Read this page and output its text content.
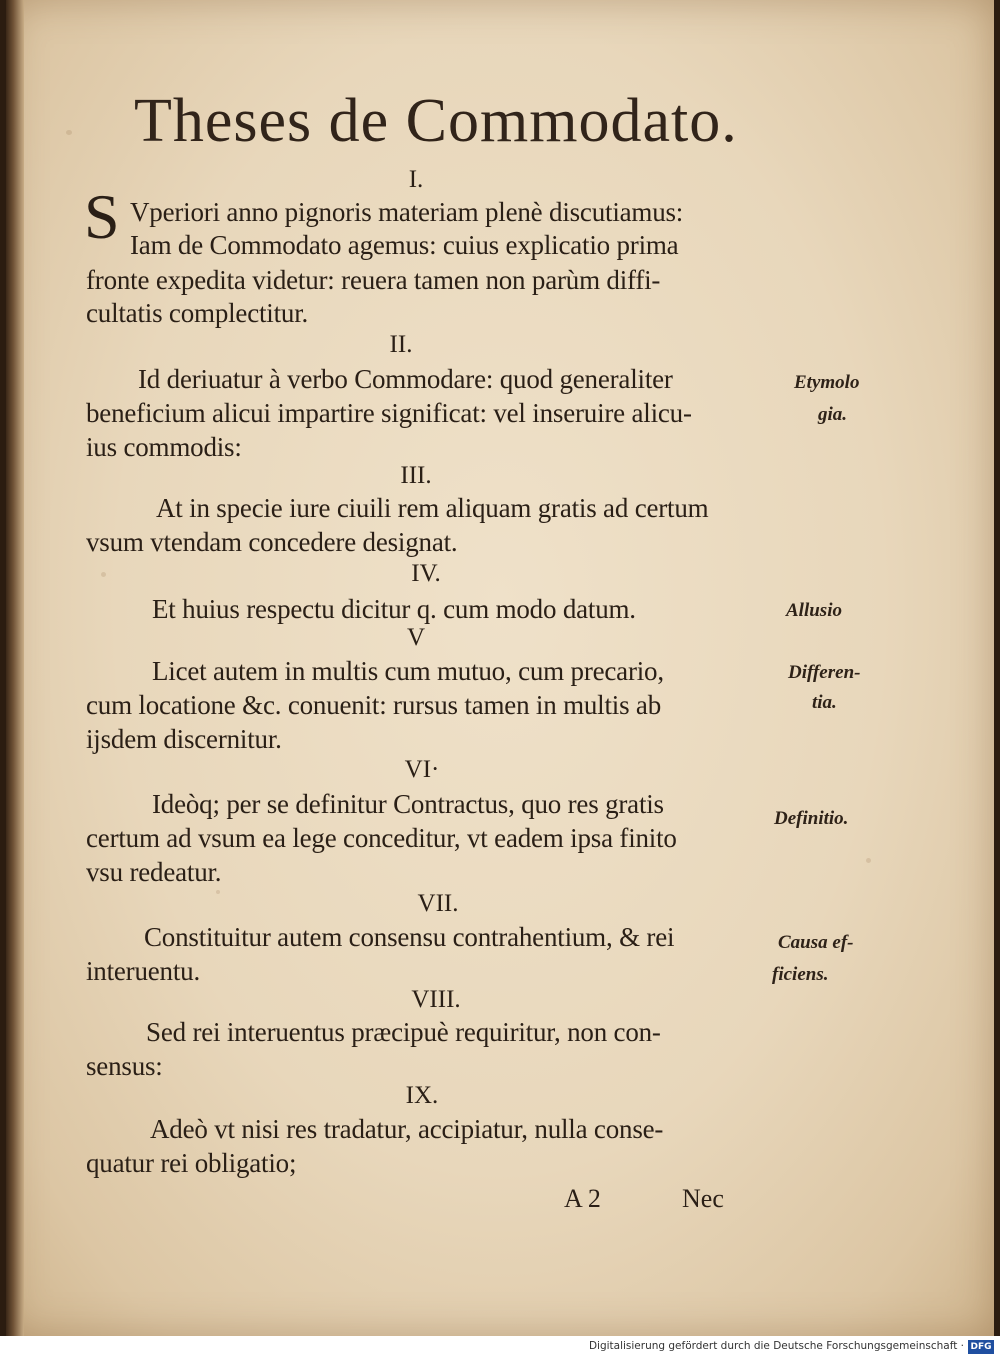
Theses de Commodato.
I.
S Vperiori anno pignoris materiam plenè discutiamus:
Iam de Commodato agemus: cuius explicatio prima
fronte expedita videtur: reuera tamen non parùm diffi-
cultatis complectitur.
II.
Id deriuatur à verbo Commodare: quod generaliter
beneficium alicui impartire significat: vel inseruire alicu-
ius commodis:
Etymolo
gia.
III.
At in specie iure ciuili rem aliquam gratis ad certum
vsum vtendam concedere designat.
IV.
Et huius respectu dicitur q. cum modo datum.	Allusio
V
Licet autem in multis cum mutuo, cum precario,
cum locatione &c. conuenit: rursus tamen in multis ab
ijsdem discernitur.
Differen-
tia.
VI·
Ideòq; per se definitur Contractus, quo res gratis
certum ad vsum ea lege conceditur, vt eadem ipsa finito
vsu redeatur.
Definitio.
VII.
Constituitur autem consensu contrahentium, & rei
interuentu.
Causa ef-
ficiens.
VIII.
Sed rei interuentus præcipuè requiritur, non con-
sensus:
IX.
Adeò vt nisi res tradatur, accipiatur, nulla conse-
quatur rei obligatio;
A 2	Nec
Digitalisierung gefördert durch die Deutsche Forschungsgemeinschaft · DFG
